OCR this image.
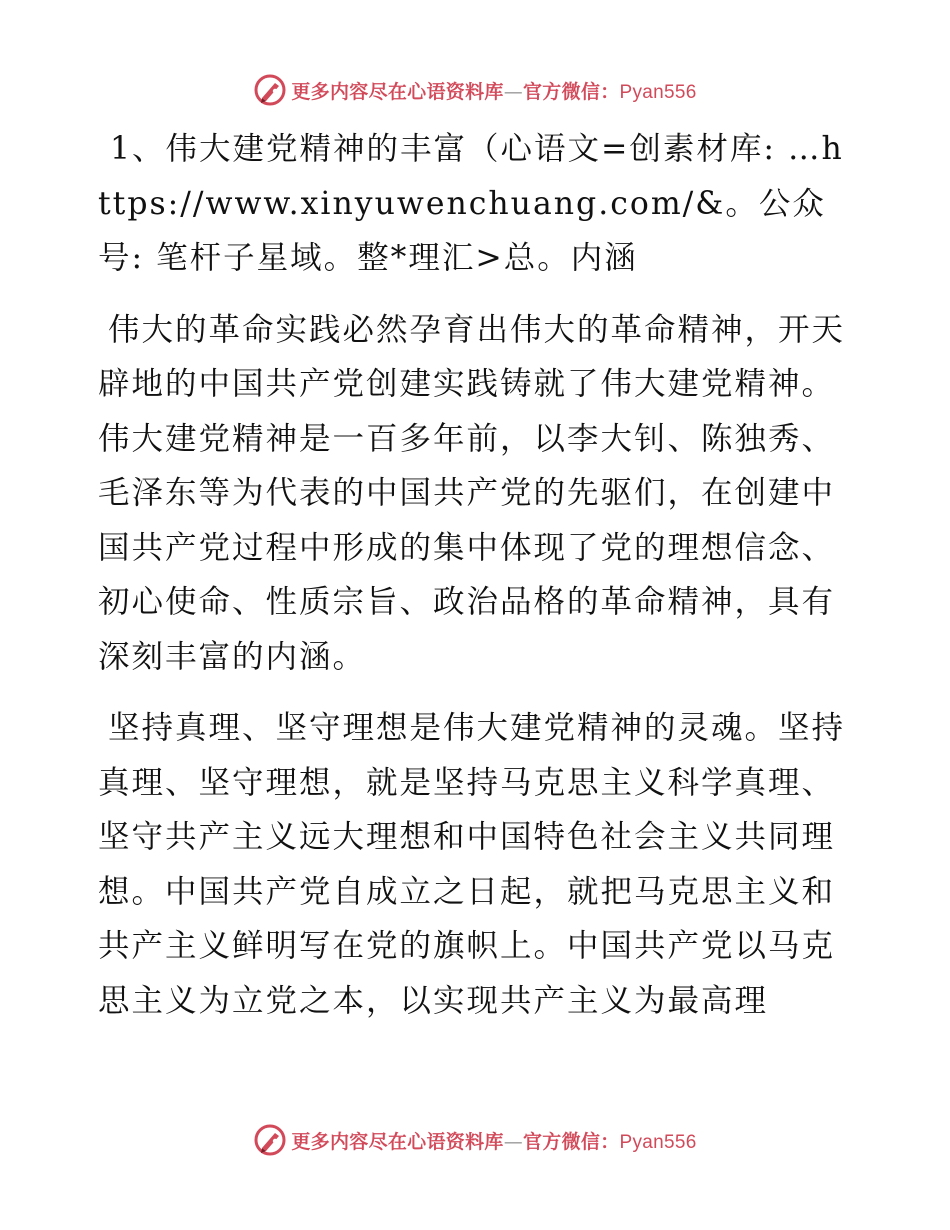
更多内容尽在心语资料库—官方微信：Pyan556

1、伟大建党精神的丰富（心语文=创素材库: …https://www.xinyuwenchuang.com/&。公众号: 笔杆子星域。整*理汇>总。内涵

伟大的革命实践必然孕育出伟大的革命精神，开天辟地的中国共产党创建实践铸就了伟大建党精神。伟大建党精神是一百多年前，以李大钊、陈独秀、毛泽东等为代表的中国共产党的先驱们，在创建中国共产党过程中形成的集中体现了党的理想信念、初心使命、性质宗旨、政治品格的革命精神，具有深刻丰富的内涵。

坚持真理、坚守理想是伟大建党精神的灵魂。坚持真理、坚守理想，就是坚持马克思主义科学真理、坚守共产主义远大理想和中国特色社会主义共同理想。中国共产党自成立之日起，就把马克思主义和共产主义鲜明写在党的旗帜上。中国共产党以马克思主义为立党之本，以实现共产主义为最高理

更多内容尽在心语资料库—官方微信：Pyan556
